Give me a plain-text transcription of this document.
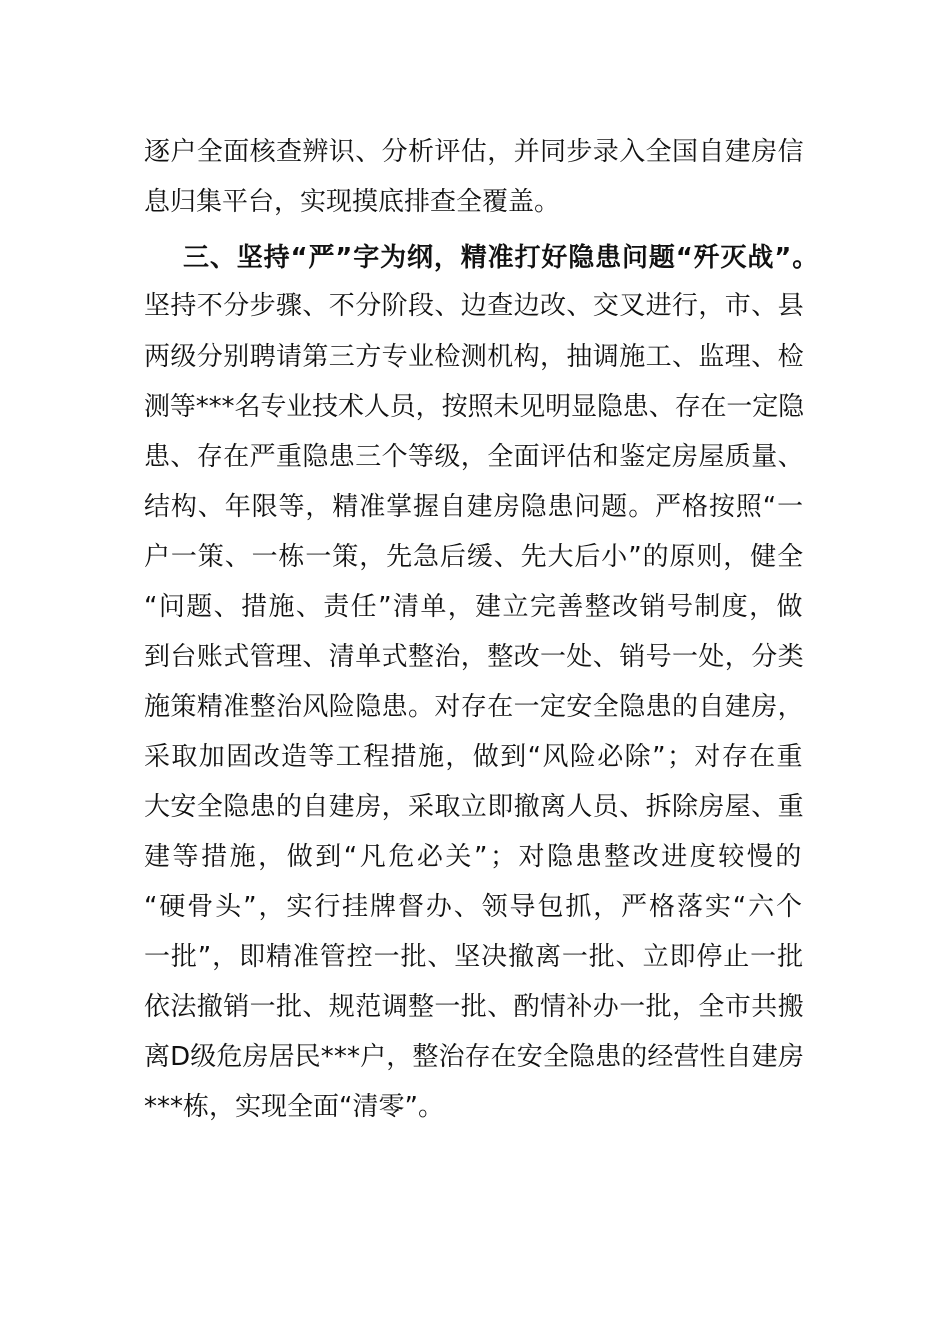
逐户全面核查辨识、分析评估，并同步录入全国自建房信
息归集平台，实现摸底排查全覆盖。
三、坚持“严”字为纲，精准打好隐患问题“歼灭战”。
坚持不分步骤、不分阶段、边查边改、交叉进行，市、县
两级分别聘请第三方专业检测机构，抽调施工、监理、检
测等***名专业技术人员，按照未见明显隐患、存在一定隐
患、存在严重隐患三个等级，全面评估和鉴定房屋质量、
结构、年限等，精准掌握自建房隐患问题。严格按照“一
户一策、一栋一策，先急后缓、先大后小”的原则，健全
“问题、措施、责任”清单，建立完善整改销号制度，做
到台账式管理、清单式整治，整改一处、销号一处，分类
施策精准整治风险隐患。对存在一定安全隐患的自建房，
采取加固改造等工程措施，做到“风险必除”；对存在重
大安全隐患的自建房，采取立即撤离人员、拆除房屋、重
建等措施，做到“凡危必关”；对隐患整改进度较慢的
“硬骨头”，实行挂牌督办、领导包抓，严格落实“六个
一批”，即精准管控一批、坚决撤离一批、立即停止一批
依法撤销一批、规范调整一批、酌情补办一批，全市共搬
离D级危房居民***户，整治存在安全隐患的经营性自建房
***栋，实现全面“清零”。
